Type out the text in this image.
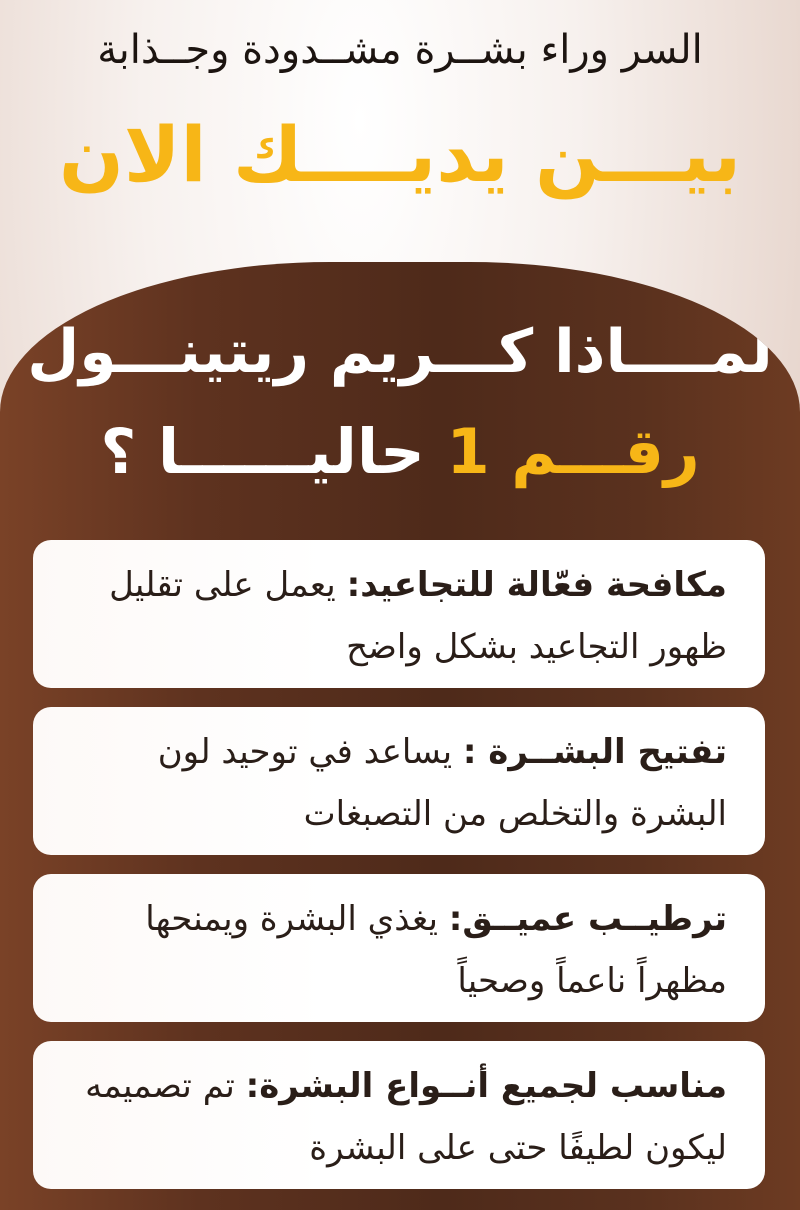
السر وراء بشــرة مشــدودة وجــذابة
بيـــن يديــــك الان
لمــــاذا كـــريم ريتينـــول
رقـــم 1 حاليــــــا ؟
مكافحة فعّالة للتجاعيد: يعمل على تقليل
ظهور التجاعيد بشكل واضح
تفتيح البشــرة : يساعد في توحيد لون
البشرة والتخلص من التصبغات
ترطيــب عميــق: يغذي البشرة ويمنحها
مظهراً ناعماً وصحياً
مناسب لجميع أنــواع البشرة: تم تصميمه
ليكون لطيفًا حتى على البشرة
